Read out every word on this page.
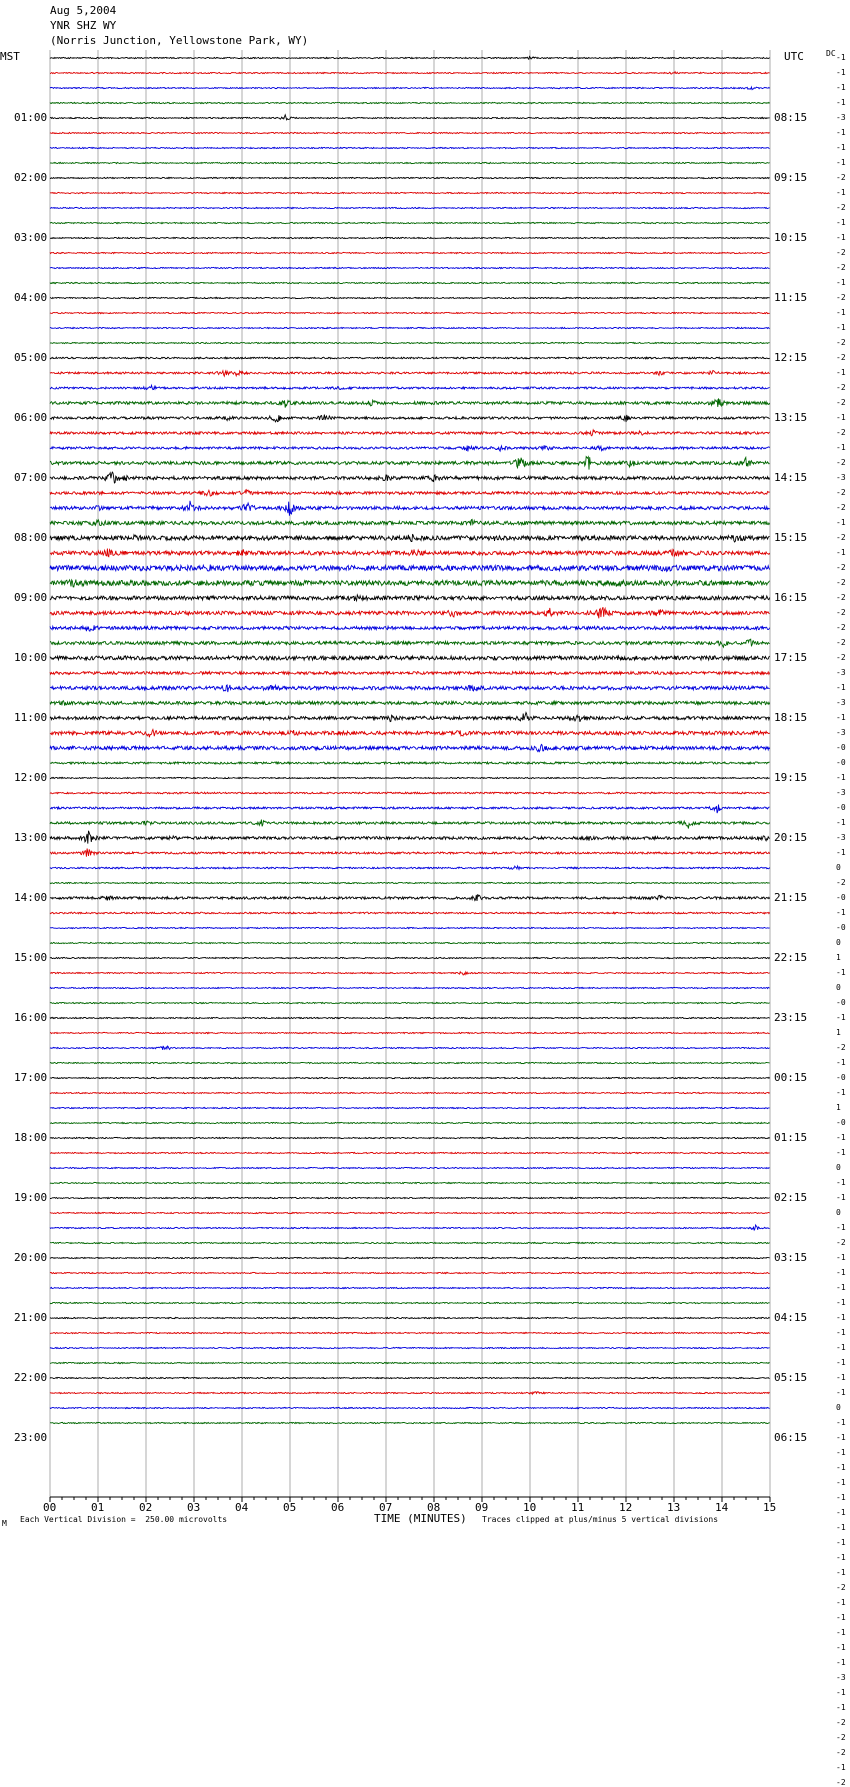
Aug 5,2004
YNR SHZ WY
(Norris Junction, Yellowstone Park, WY)
MST	UTC	DC
01:00
02:00
03:00
04:00
05:00
06:00
07:00
08:00
09:00
10:00
11:00
12:00
13:00
14:00
15:00
16:00
17:00
18:00
19:00
20:00
21:00
22:00
23:00
08:15
09:15
10:15
11:15
12:15
13:15
14:15
15:15
16:15
17:15
18:15
19:15
20:15
21:15
22:15
23:15
00:15
01:15
02:15
03:15
04:15
05:15
06:15
-1
-1
-1
-1
-3
-1
-1
-1
-2
-1
-2
-1
-1
-2
-2
-1
-2
-1
-1
-2
-2
-1
-2
-2
-1
-2
-1
-2
-3
-2
-2
-1
-2
-1
-2
-2
-2
-2
-2
-2
-2
-3
-1
-3
-1
-3
-0
-0
-1
-3
-0
-1
-3
-1
0
-2
-0
-1
-0
0
1
-1
0
-0
-1
1
-2
-1
-0
-1
1
-0
-1
-1
0
-1
-1
0
-1
-2
-1
-1
-1
-1
-1
-1
-1
-1
-1
-1
0
-1
-1
-1
-1
-1
-1
-1
-1
-1
-1
-1
-2
-1
-1
-1
-1
-1
-3
-1
-1
-2
-2
-2
-1
-2
00	01	02	03	04	05	06	07	08	09	10	11	12	13	14	15
M Each Vertical Division =  250.00 microvolts	TIME (MINUTES) Traces clipped at plus/minus 5 vertical divisions
